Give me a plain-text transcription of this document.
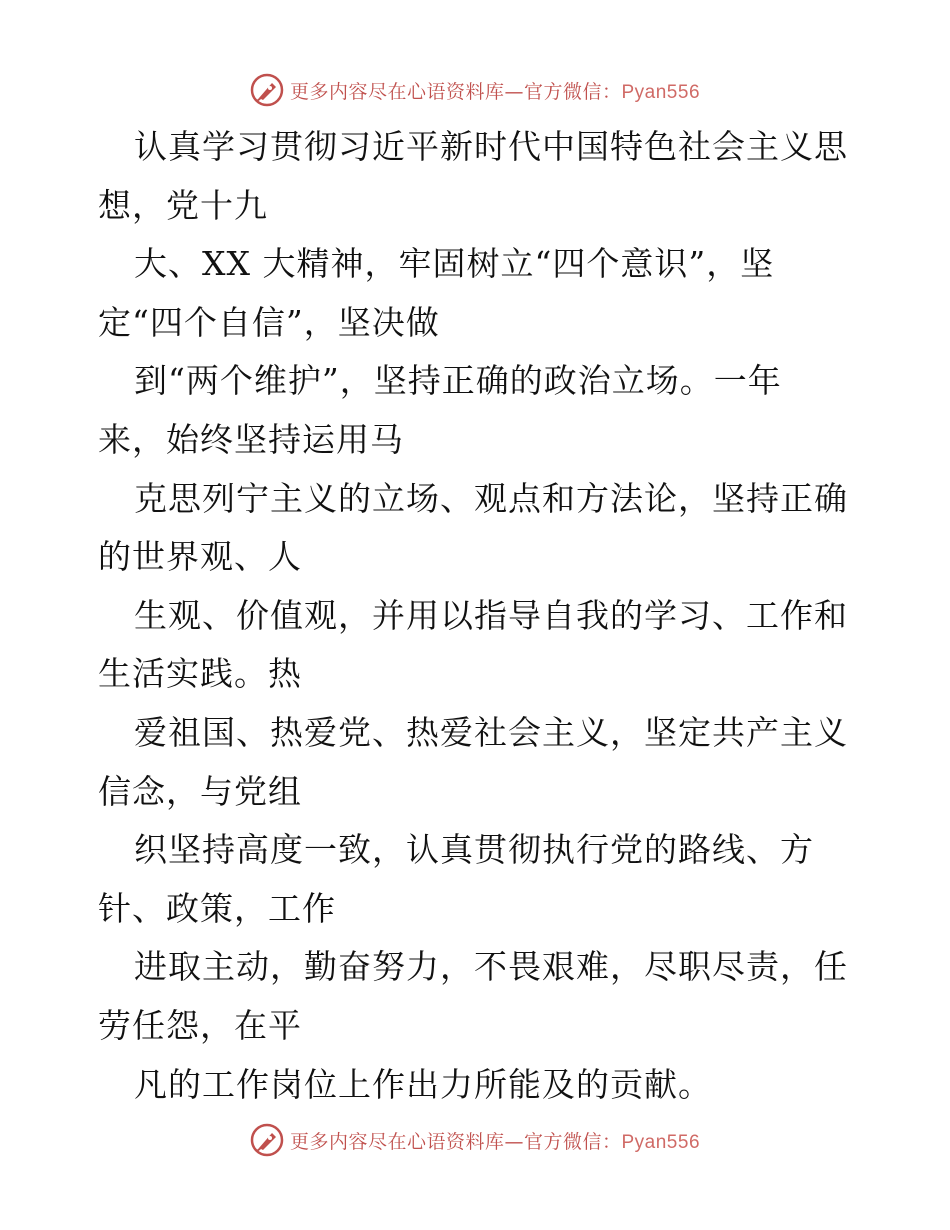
更多内容尽在心语资料库—官方微信：Pyan556
认真学习贯彻习近平新时代中国特色社会主义思
想，党十九
大、XX 大精神，牢固树立“四个意识”，坚
定“四个自信”，坚决做
到“两个维护”，坚持正确的政治立场。一年
来，始终坚持运用马
克思列宁主义的立场、观点和方法论，坚持正确
的世界观、人
生观、价值观，并用以指导自我的学习、工作和
生活实践。热
爱祖国、热爱党、热爱社会主义，坚定共产主义
信念，与党组
织坚持高度一致，认真贯彻执行党的路线、方
针、政策，工作
进取主动，勤奋努力，不畏艰难，尽职尽责，任
劳任怨，在平
凡的工作岗位上作出力所能及的贡献。
更多内容尽在心语资料库—官方微信：Pyan556
